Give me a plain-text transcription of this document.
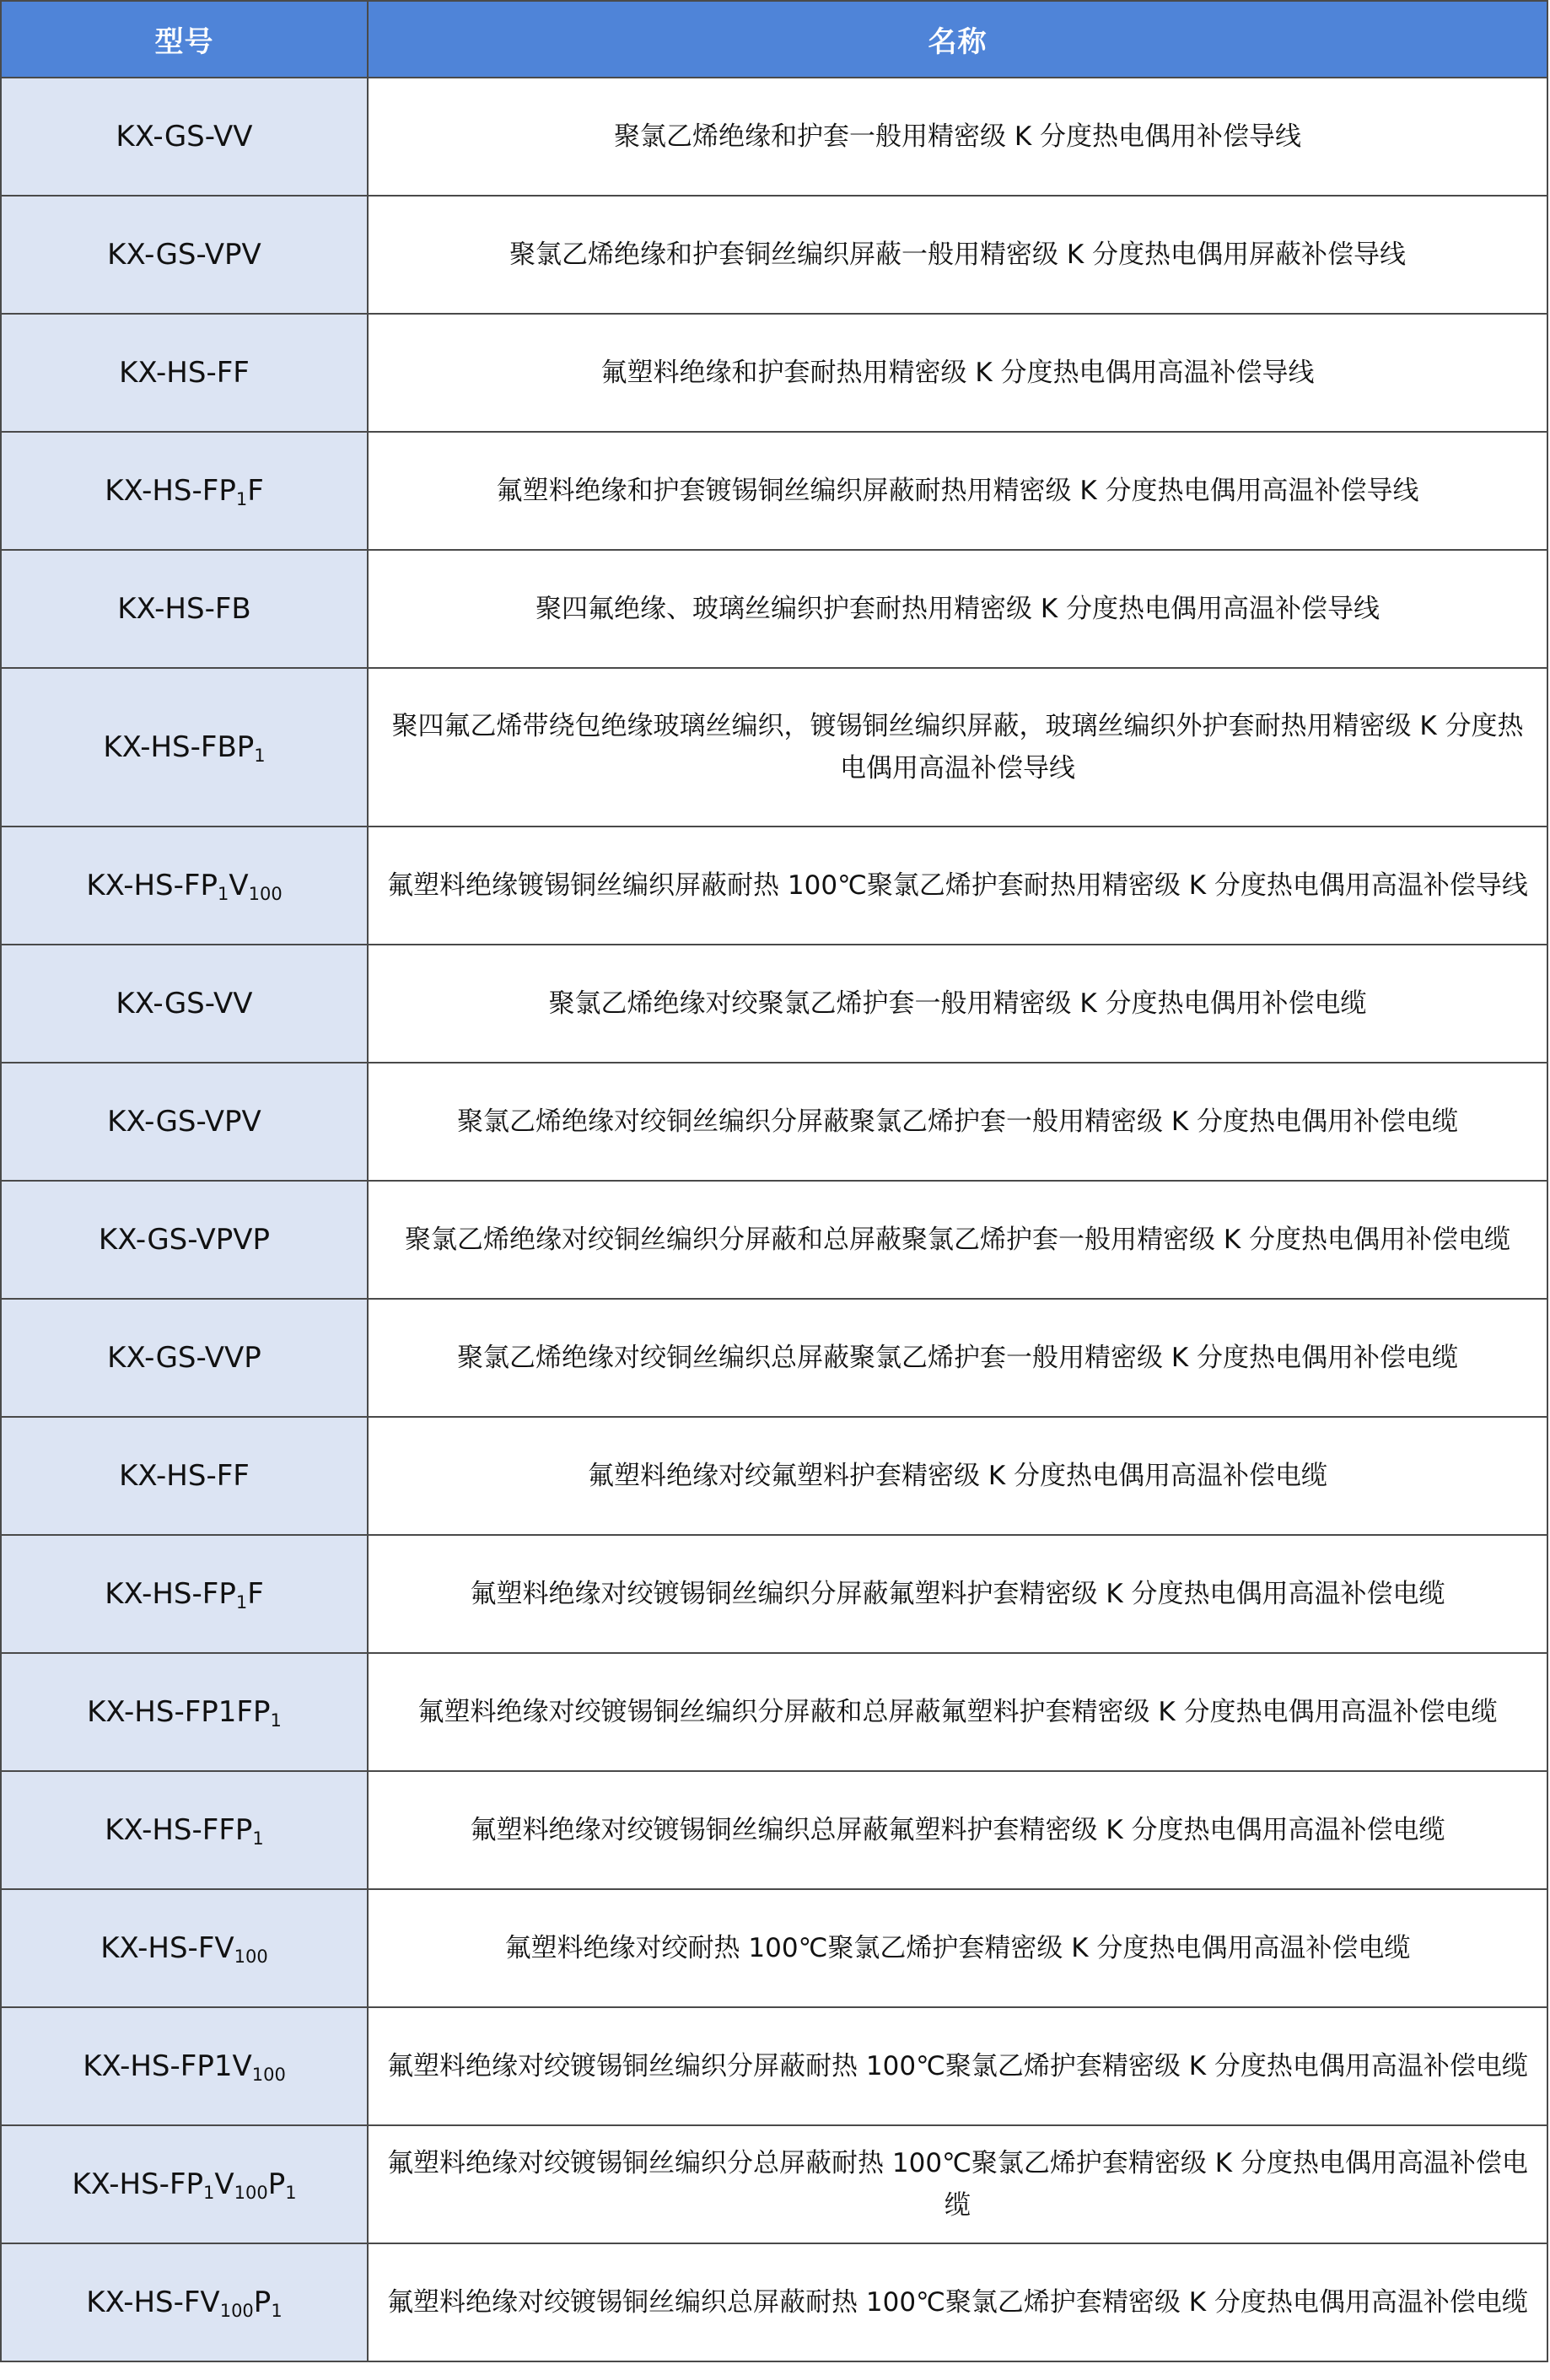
型号	名称
KX-GS-VV	聚氯乙烯绝缘和护套一般用精密级 K 分度热电偶用补偿导线
KX-GS-VPV	聚氯乙烯绝缘和护套铜丝编织屏蔽一般用精密级 K 分度热电偶用屏蔽补偿导线
KX-HS-FF	氟塑料绝缘和护套耐热用精密级 K 分度热电偶用高温补偿导线
$KX-HS-FP_1F$	氟塑料绝缘和护套镀锡铜丝编织屏蔽耐热用精密级 K 分度热电偶用高温补偿导线
KX-HS-FB	聚四氟绝缘、玻璃丝编织护套耐热用精密级 K 分度热电偶用高温补偿导线
$KX-HS-FBP_1$	聚四氟乙烯带绕包绝缘玻璃丝编织，镀锡铜丝编织屏蔽，玻璃丝编织外护套耐热用精密级 K 分度热电偶用高温补偿导线
$KX-HS-FP_1V_{100}$	氟塑料绝缘镀锡铜丝编织屏蔽耐热 100℃聚氯乙烯护套耐热用精密级 K 分度热电偶用高温补偿导线
KX-GS-VV	聚氯乙烯绝缘对绞聚氯乙烯护套一般用精密级 K 分度热电偶用补偿电缆
KX-GS-VPV	聚氯乙烯绝缘对绞铜丝编织分屏蔽聚氯乙烯护套一般用精密级 K 分度热电偶用补偿电缆
KX-GS-VPVP	聚氯乙烯绝缘对绞铜丝编织分屏蔽和总屏蔽聚氯乙烯护套一般用精密级 K 分度热电偶用补偿电缆
KX-GS-VVP	聚氯乙烯绝缘对绞铜丝编织总屏蔽聚氯乙烯护套一般用精密级 K 分度热电偶用补偿电缆
KX-HS-FF	氟塑料绝缘对绞氟塑料护套精密级 K 分度热电偶用高温补偿电缆
$KX-HS-FP_1F$	氟塑料绝缘对绞镀锡铜丝编织分屏蔽氟塑料护套精密级 K 分度热电偶用高温补偿电缆
$KX-HS-FP1FP_1$	氟塑料绝缘对绞镀锡铜丝编织分屏蔽和总屏蔽氟塑料护套精密级 K 分度热电偶用高温补偿电缆
$KX-HS-FFP_1$	氟塑料绝缘对绞镀锡铜丝编织总屏蔽氟塑料护套精密级 K 分度热电偶用高温补偿电缆
$KX-HS-FV_{100}$	氟塑料绝缘对绞耐热 100℃聚氯乙烯护套精密级 K 分度热电偶用高温补偿电缆
$KX-HS-FP1V_{100}$	氟塑料绝缘对绞镀锡铜丝编织分屏蔽耐热 100℃聚氯乙烯护套精密级 K 分度热电偶用高温补偿电缆
$KX-HS-FP_1V_{100}P_1$	氟塑料绝缘对绞镀锡铜丝编织分总屏蔽耐热 100℃聚氯乙烯护套精密级 K 分度热电偶用高温补偿电缆
$KX-HS-FV_{100}P_1$	氟塑料绝缘对绞镀锡铜丝编织总屏蔽耐热 100℃聚氯乙烯护套精密级 K 分度热电偶用高温补偿电缆
